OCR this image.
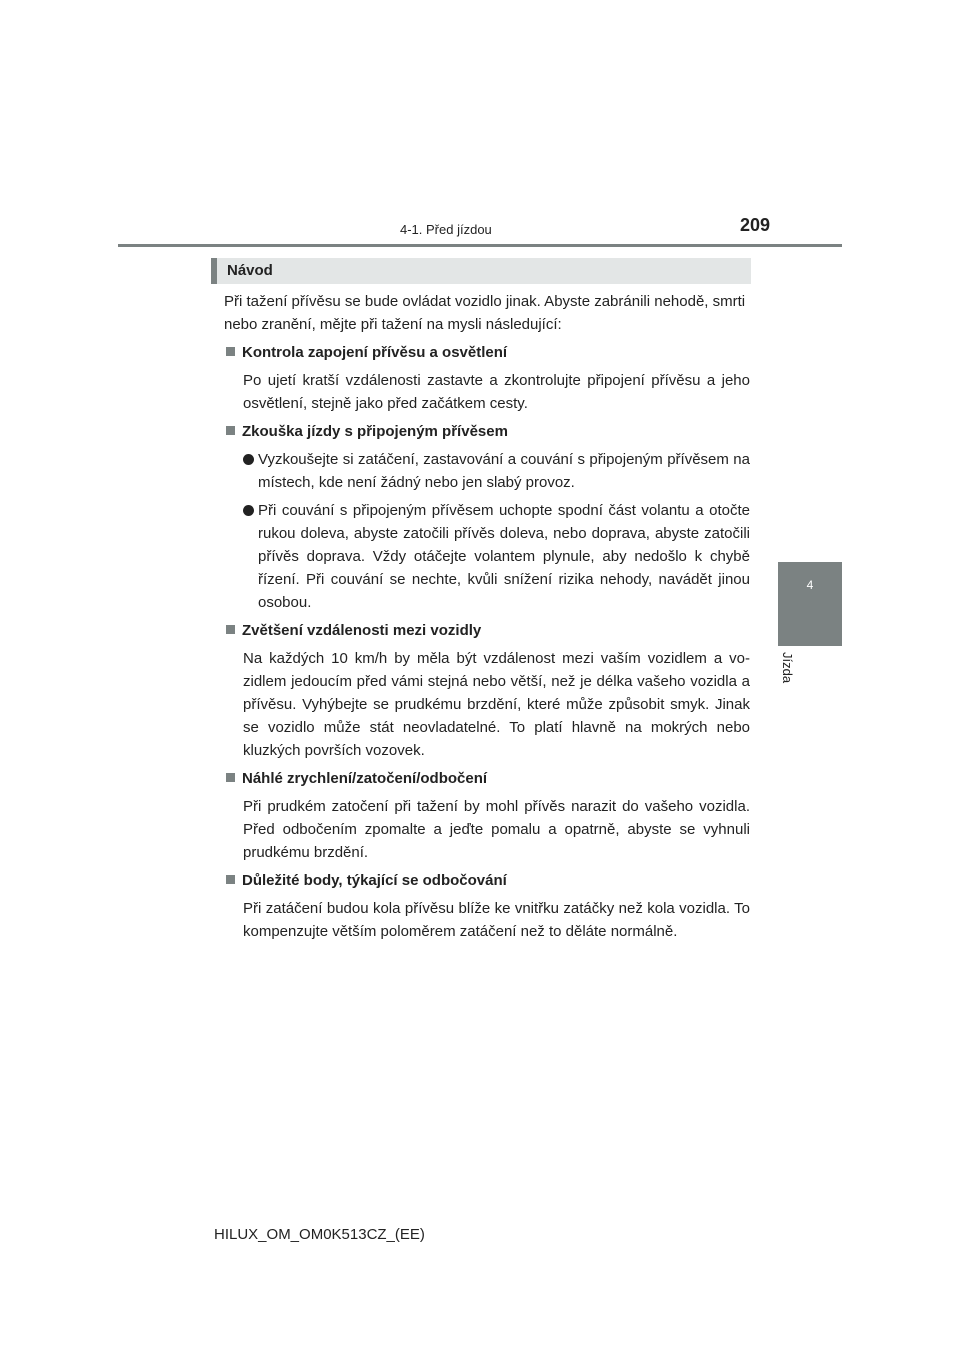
4-1. Před jízdou	209
4
Jízda
Návod

Při tažení přívěsu se bude ovládat vozidlo jinak. Abyste zabránili nehodě, smrti nebo zranění, mějte při tažení na mysli následující:

Kontrola zapojení přívěsu a osvětlení

Po ujetí kratší vzdálenosti zastavte a zkontrolujte připojení přívěsu a jeho osvětlení, stejně jako před začátkem cesty.

Zkouška jízdy s připojeným přívěsem
Vyzkoušejte si zatáčení, zastavování a couvání s připojeným přívěsem na místech, kde není žádný nebo jen slabý provoz.
Při couvání s připojeným přívěsem uchopte spodní část volantu a otočte rukou doleva, abyste zatočili přívěs doleva, nebo doprava, abyste zatočili přívěs doprava. Vždy otáčejte volantem plynule, aby nedošlo k chybě řízení. Při couvání se nechte, kvůli snížení rizika nehody, navádět jinou osobou.
Zvětšení vzdálenosti mezi vozidly

Na každých 10 km/h by měla být vzdálenost mezi vaším vozidlem a vozidlem jedoucím před vámi stejná nebo větší, než je délka vašeho vozidla a přívěsu. Vyhýbejte se prudkému brzdění, které může způsobit smyk. Jinak se vozidlo může stát neovladatelné. To platí hlavně na mokrých nebo kluzkých površích vozovek.

Náhlé zrychlení/zatočení/odbočení

Při prudkém zatočení při tažení by mohl přívěs narazit do vašeho vozidla. Před odbočením zpomalte a jeďte pomalu a opatrně, abyste se vyhnuli prudkému brzdění.

Důležité body, týkající se odbočování

Při zatáčení budou kola přívěsu blíže ke vnitřku zatáčky než kola vozidla. To kompenzujte větším poloměrem zatáčení než to děláte normálně.

HILUX_OM_OM0K513CZ_(EE)
